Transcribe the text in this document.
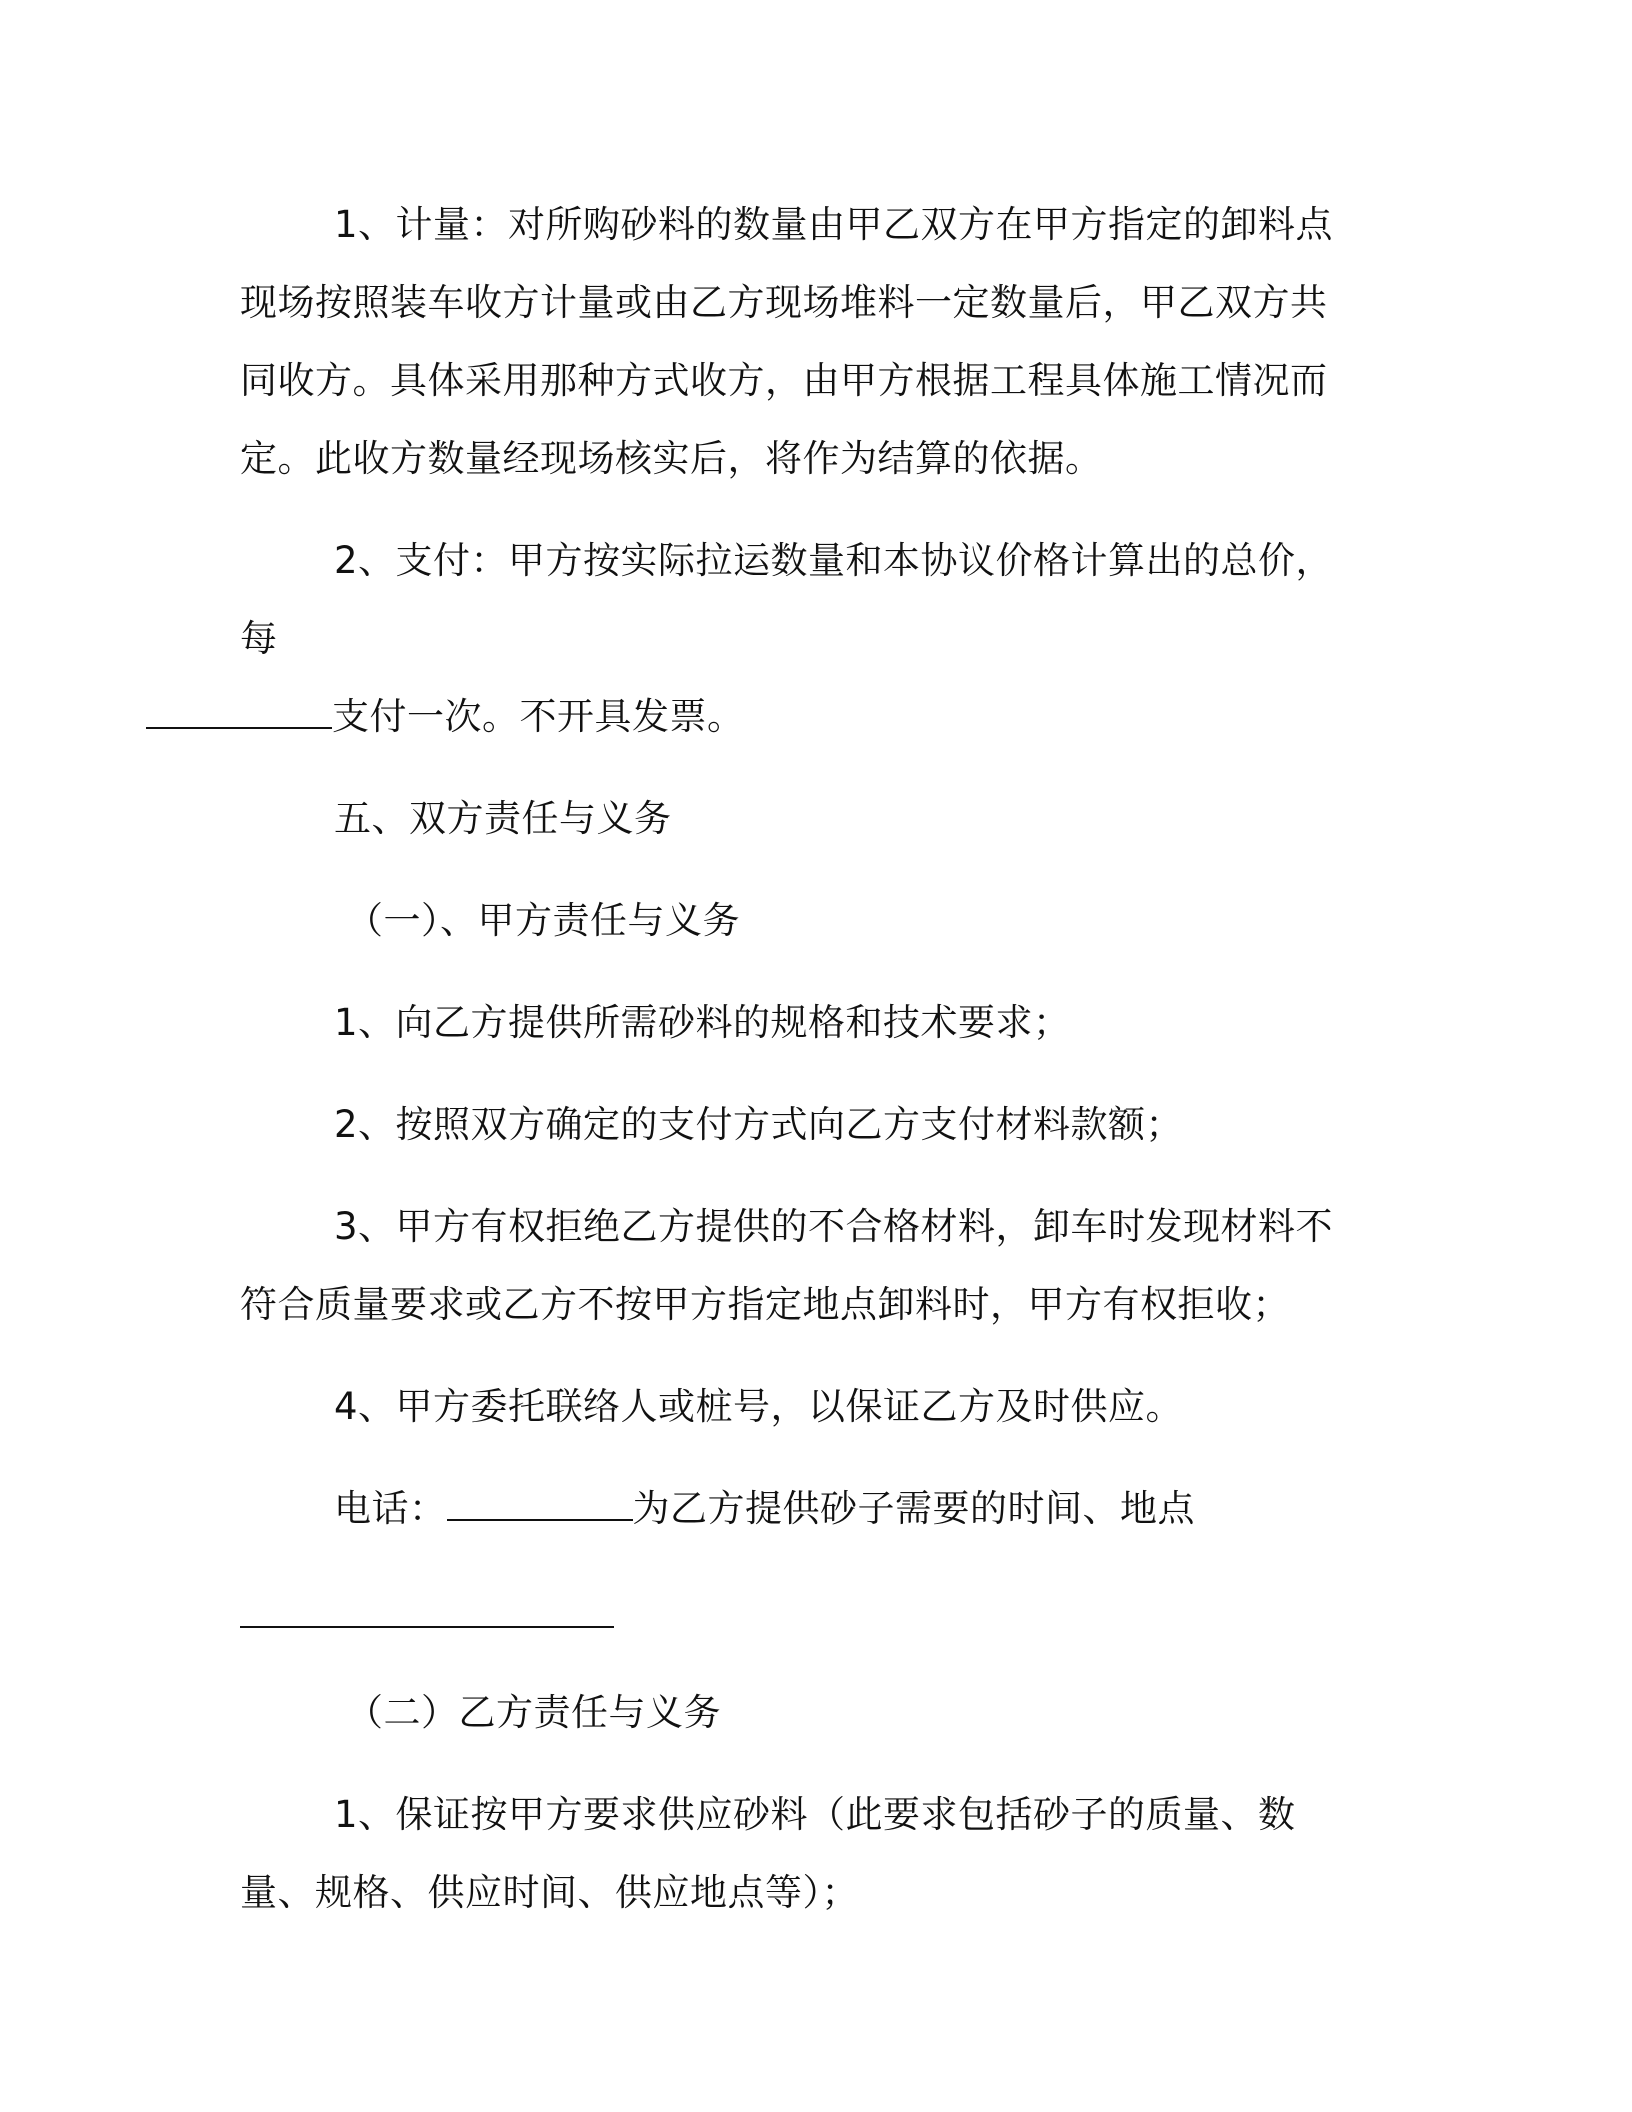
1、计量：对所购砂料的数量由甲乙双方在甲方指定的卸料点现场按照装车收方计量或由乙方现场堆料一定数量后，甲乙双方共同收方。具体采用那种方式收方，由甲方根据工程具体施工情况而定。此收方数量经现场核实后，将作为结算的依据。

2、支付：甲方按实际拉运数量和本协议价格计算出的总价，每
支付一次。不开具发票。

五、双方责任与义务

（一）、甲方责任与义务

1、向乙方提供所需砂料的规格和技术要求；

2、按照双方确定的支付方式向乙方支付材料款额；

3、甲方有权拒绝乙方提供的不合格材料，卸车时发现材料不符合质量要求或乙方不按甲方指定地点卸料时，甲方有权拒收；

4、甲方委托联络人或桩号，以保证乙方及时供应。

电话：	为乙方提供砂子需要的时间、地点

（二）乙方责任与义务

1、保证按甲方要求供应砂料（此要求包括砂子的质量、数量、规格、供应时间、供应地点等）；
